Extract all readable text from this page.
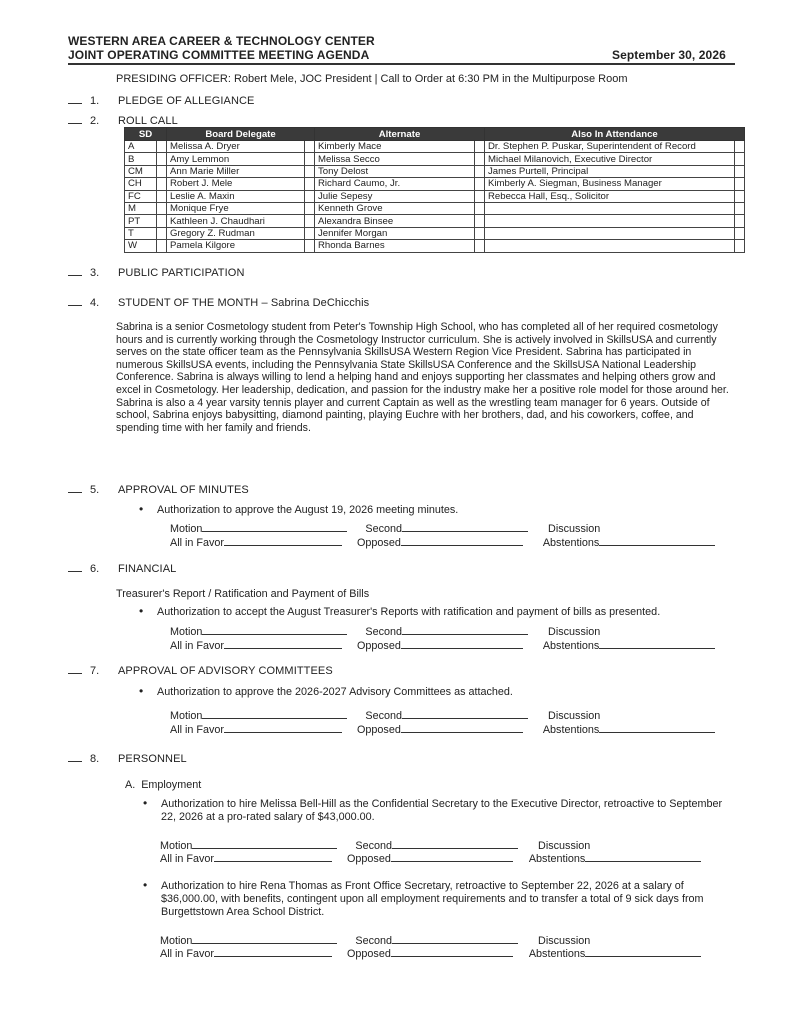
WESTERN AREA CAREER & TECHNOLOGY CENTER
JOINT OPERATING COMMITTEE MEETING AGENDA	September 30, 2026
PRESIDING OFFICER: Robert Mele, JOC President | Call to Order at 6:30 PM in the Multipurpose Room
1. PLEDGE OF ALLEGIANCE
2. ROLL CALL
SD		Board Delegate		Alternate		Also In Attendance	
A		Melissa A. Dryer		Kimberly Mace		Dr. Stephen P. Puskar, Superintendent of Record	
B		Amy Lemmon		Melissa Secco		Michael Milanovich, Executive Director	
CM		Ann Marie Miller		Tony Delost		James Purtell, Principal	
CH		Robert J. Mele		Richard Caumo, Jr.		Kimberly A. Siegman, Business Manager	
FC		Leslie A. Maxin		Julie Sepesy		Rebecca Hall, Esq., Solicitor	
M		Monique Frye		Kenneth Grove			
PT		Kathleen J. Chaudhari		Alexandra Binsee			
T		Gregory Z. Rudman		Jennifer Morgan			
W		Pamela Kilgore		Rhonda Barnes			
3. PUBLIC PARTICIPATION
4. STUDENT OF THE MONTH – Sabrina DeChicchis
Sabrina is a senior Cosmetology student from Peter's Township High School, who has completed all of her required cosmetology hours and is currently working through the Cosmetology Instructor curriculum. She is actively involved in SkillsUSA and currently serves on the state officer team as the Pennsylvania SkillsUSA Western Region Vice President. Sabrina has participated in numerous SkillsUSA events, including the Pennsylvania State SkillsUSA Conference and the SkillsUSA National Leadership Conference. Sabrina is always willing to lend a helping hand and enjoys supporting her classmates and helping others grow and excel in Cosmetology. Her leadership, dedication, and passion for the industry make her a positive role model for those around her. Sabrina is also a 4 year varsity tennis player and current Captain as well as the wrestling team manager for 6 years. Outside of school, Sabrina enjoys babysitting, diamond painting, playing Euchre with her brothers, dad, and his coworkers, coffee, and spending time with her family and friends.
5. APPROVAL OF MINUTES
• Authorization to approve the August 19, 2026 meeting minutes.
Motion	Second	Discussion
All in Favor	Opposed	Abstentions
6. FINANCIAL
Treasurer's Report / Ratification and Payment of Bills
• Authorization to accept the August Treasurer's Reports with ratification and payment of bills as presented.
Motion	Second	Discussion
All in Favor	Opposed	Abstentions
7. APPROVAL OF ADVISORY COMMITTEES
• Authorization to approve the 2026-2027 Advisory Committees as attached.
Motion	Second	Discussion
All in Favor	Opposed	Abstentions
8. PERSONNEL
A.  Employment
• Authorization to hire Melissa Bell-Hill as the Confidential Secretary to the Executive Director, retroactive to September 22, 2026 at a pro-rated salary of $43,000.00.
Motion	Second	Discussion
All in Favor	Opposed	Abstentions
• Authorization to hire Rena Thomas as Front Office Secretary, retroactive to September 22, 2026 at a salary of $36,000.00, with benefits, contingent upon all employment requirements and to transfer a total of 9 sick days from Burgettstown Area School District.
Motion	Second	Discussion
All in Favor	Opposed	Abstentions
